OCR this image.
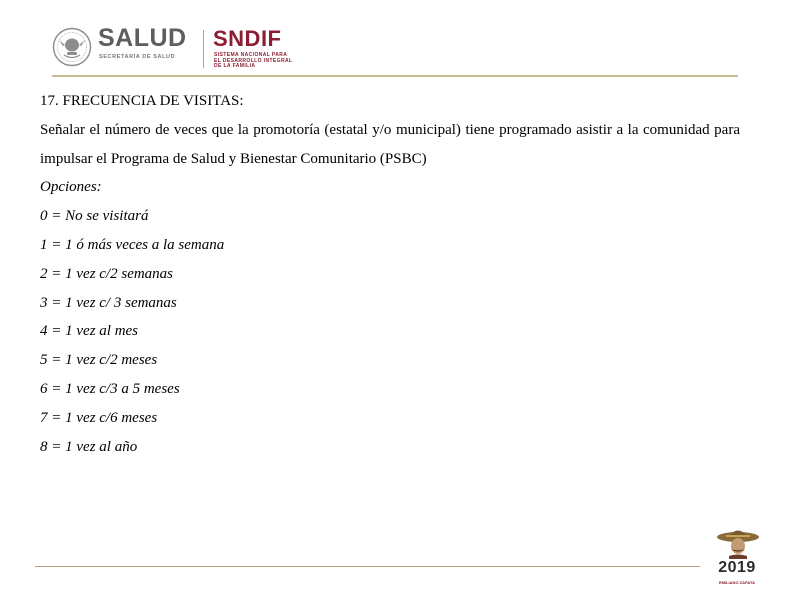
SALUD
SECRETARÍA DE SALUD
SNDIF
SISTEMA NACIONAL PARA
EL DESARROLLO INTEGRAL
DE LA FAMILIA
17. FRECUENCIA DE VISITAS:
Señalar el número de veces que la promotoría (estatal y/o municipal) tiene programado asistir a la comunidad para impulsar el Programa de Salud y Bienestar Comunitario (PSBC)
Opciones:
0 = No se visitará
1 = 1 ó más veces a la semana
2 = 1 vez c/2 semanas
3 = 1 vez c/ 3 semanas
4 = 1 vez al mes
5 = 1 vez c/2 meses
6 = 1 vez c/3 a 5 meses
7 = 1 vez c/6 meses
8 = 1 vez al año
2019
EMILIANO ZAPATA
